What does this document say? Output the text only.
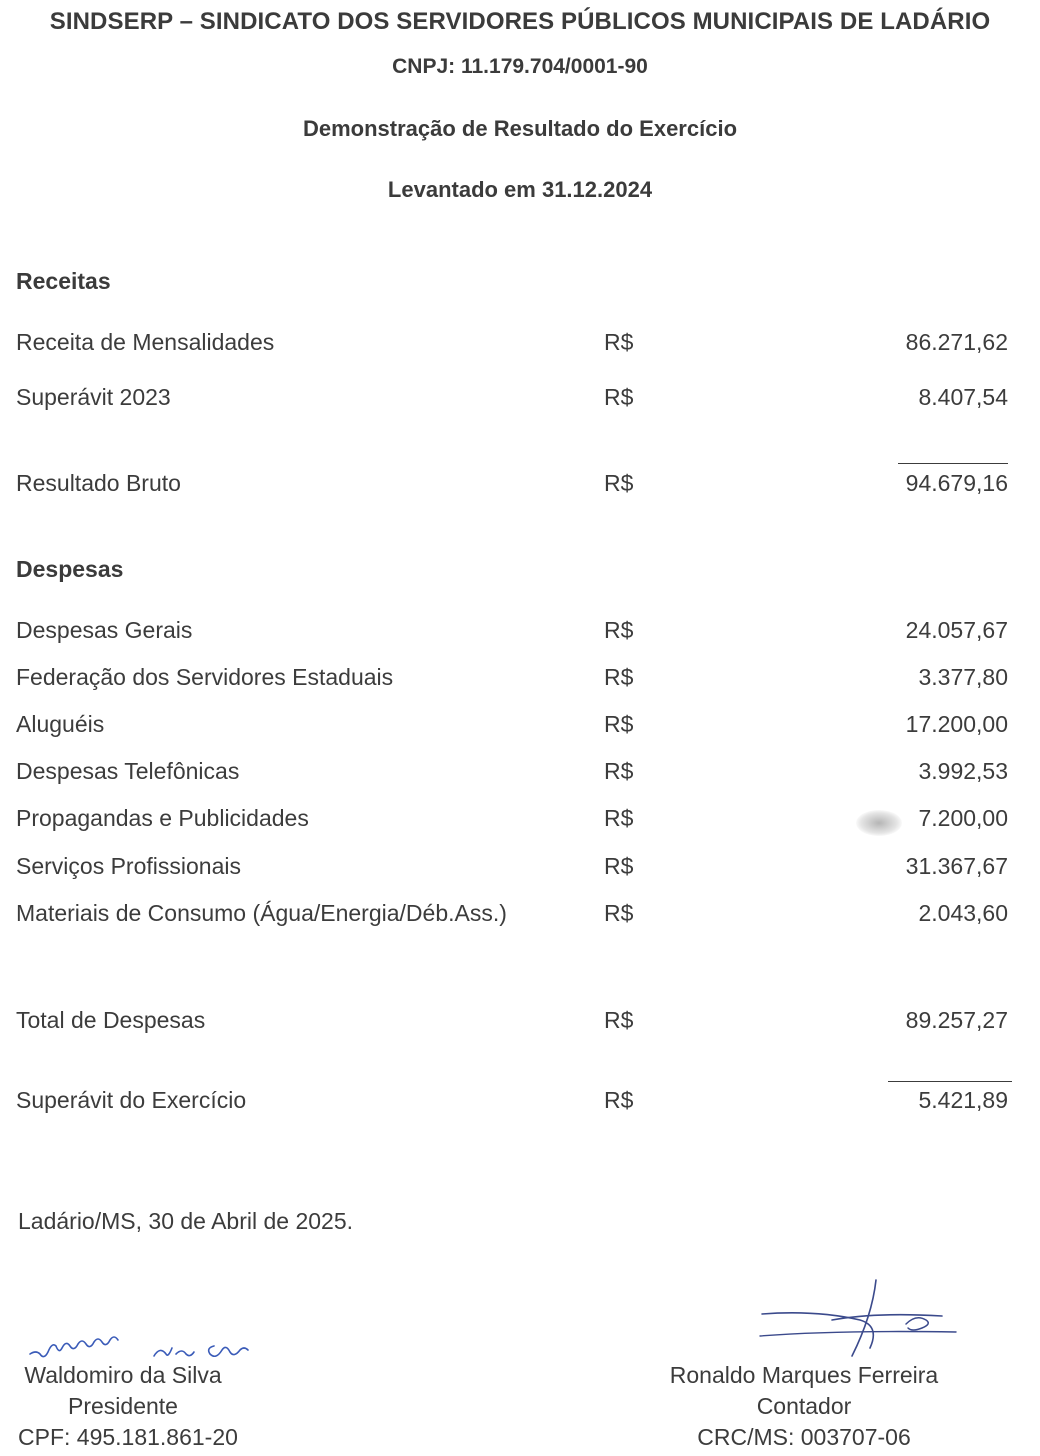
SINDSERP – SINDICATO DOS SERVIDORES PÚBLICOS MUNICIPAIS DE LADÁRIO
CNPJ: 11.179.704/0001-90
Demonstração de Resultado do Exercício
Levantado em 31.12.2024
Receitas
Receita de Mensalidades	R$	86.271,62
Superávit 2023	R$	8.407,54
Resultado Bruto	R$	94.679,16
Despesas
Despesas Gerais	R$	24.057,67
Federação dos Servidores Estaduais	R$	3.377,80
Aluguéis	R$	17.200,00
Despesas Telefônicas	R$	3.992,53
Propagandas e Publicidades	R$	7.200,00
Serviços Profissionais	R$	31.367,67
Materiais de Consumo (Água/Energia/Déb.Ass.)	R$	2.043,60
Total de Despesas	R$	89.257,27
Superávit do Exercício	R$	5.421,89
Ladário/MS, 30 de Abril de 2025.
Waldomiro da Silva
Presidente
CPF: 495.181.861-20
Ronaldo Marques Ferreira
Contador
CRC/MS: 003707-06
